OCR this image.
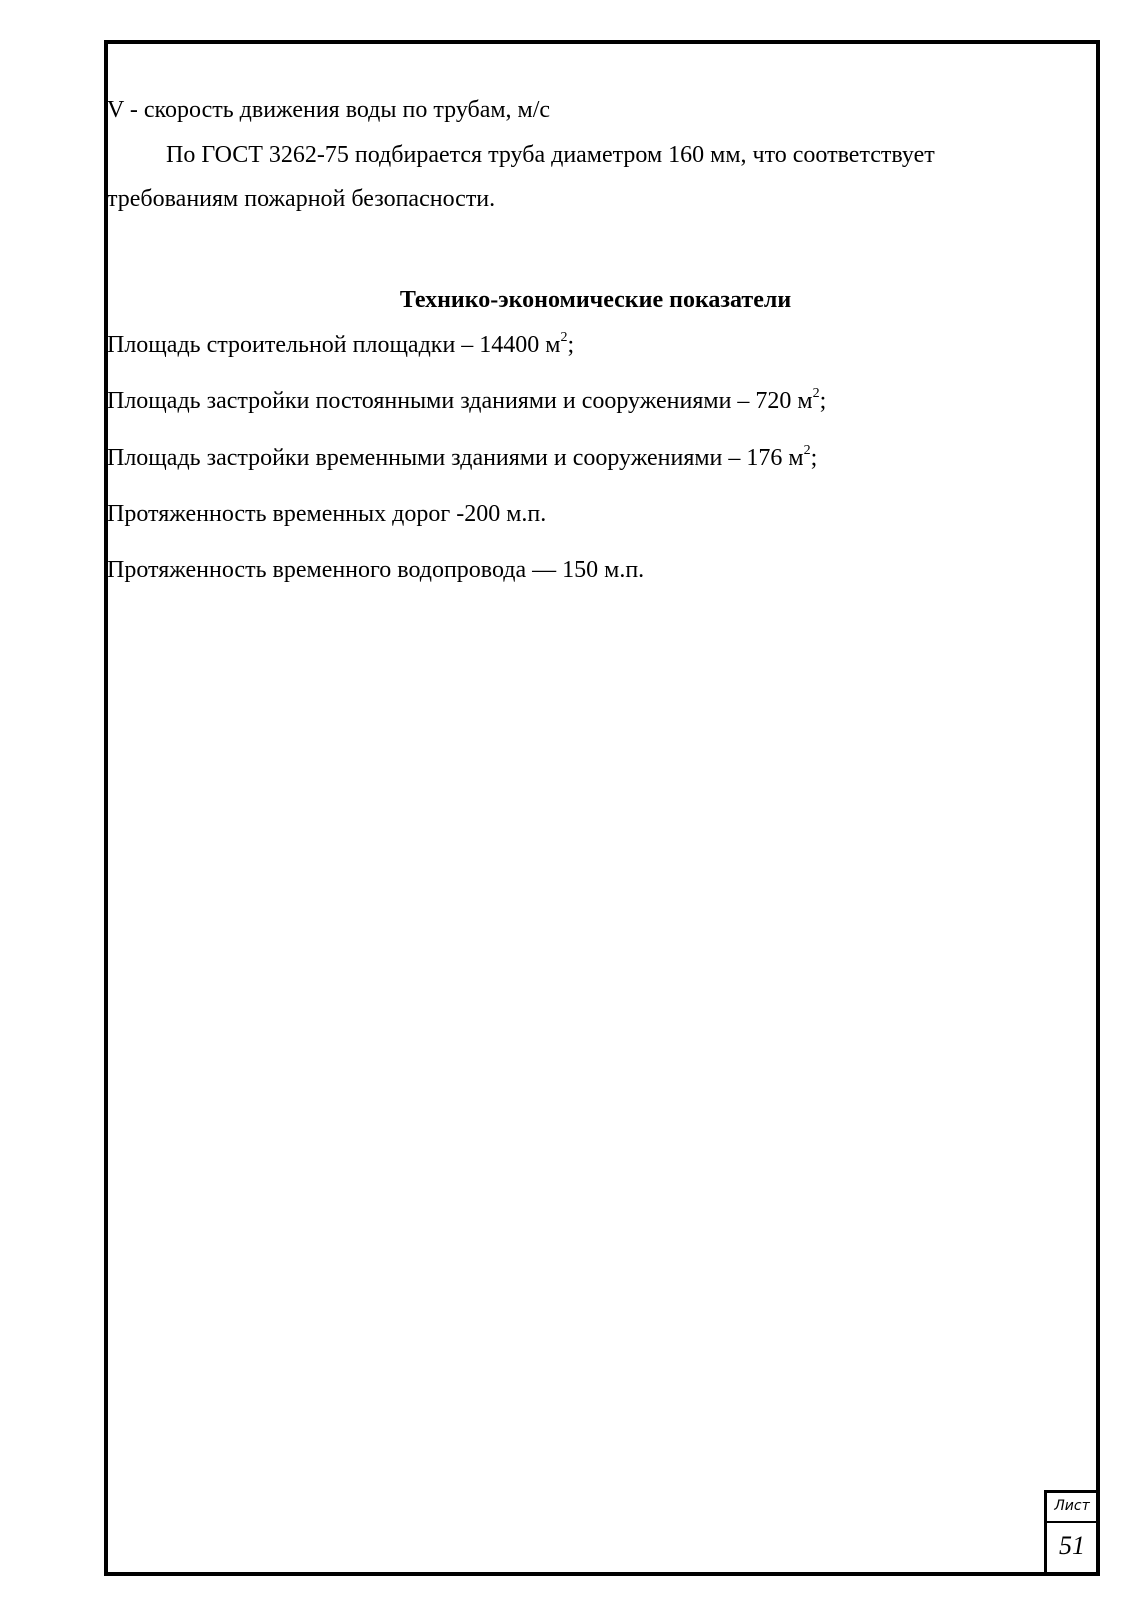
V - скорость движения воды по трубам, м/с
По ГОСТ 3262-75 подбирается труба диаметром 160 мм, что соответствует
требованиям пожарной безопасности.
Технико-экономические показатели
Площадь строительной площадки – 14400 $м^2$;
Площадь застройки постоянными зданиями и сооружениями – 720 $м^2$;
Площадь застройки временными зданиями и сооружениями – 176 $м^2$;
Протяженность временных дорог -200 м.п.
Протяженность временного водопровода — 150 м.п.
Лист
51
